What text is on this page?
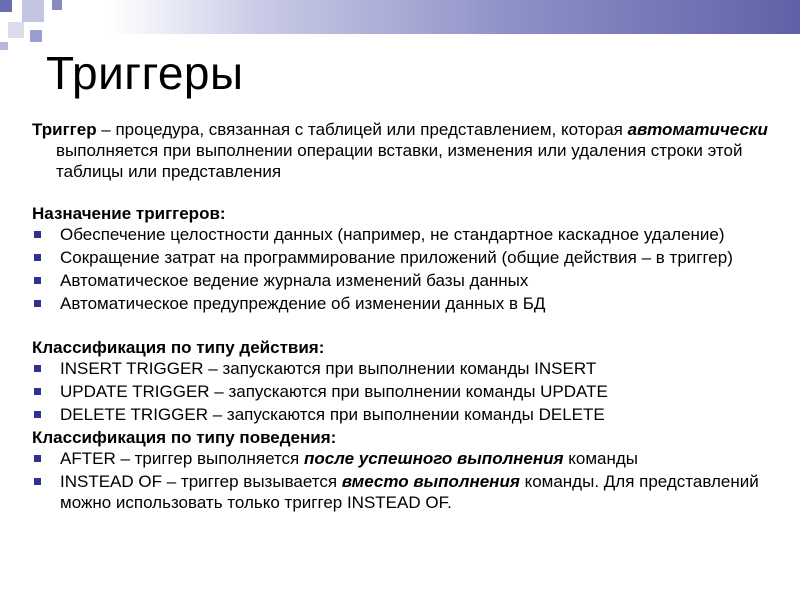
Триггеры

Триггер – процедура, связанная с таблицей или представлением, которая автоматически выполняется при выполнении операции вставки, изменения или удаления строки этой таблицы или представления

Назначение триггеров:

Обеспечение целостности данных (например, не стандартное каскадное удаление)
Сокращение затрат на программирование приложений (общие действия – в триггер)
Автоматическое ведение журнала изменений базы данных
Автоматическое предупреждение об изменении данных в БД

Классификация по типу действия:

INSERT TRIGGER – запускаются при выполнении команды INSERT
UPDATE TRIGGER – запускаются при выполнении команды UPDATE
DELETE TRIGGER – запускаются при выполнении команды DELETE

Классификация по типу поведения:

AFTER – триггер выполняется после успешного выполнения команды
INSTEAD OF – триггер вызывается вместо выполнения команды. Для представлений можно использовать только триггер INSTEAD OF.
